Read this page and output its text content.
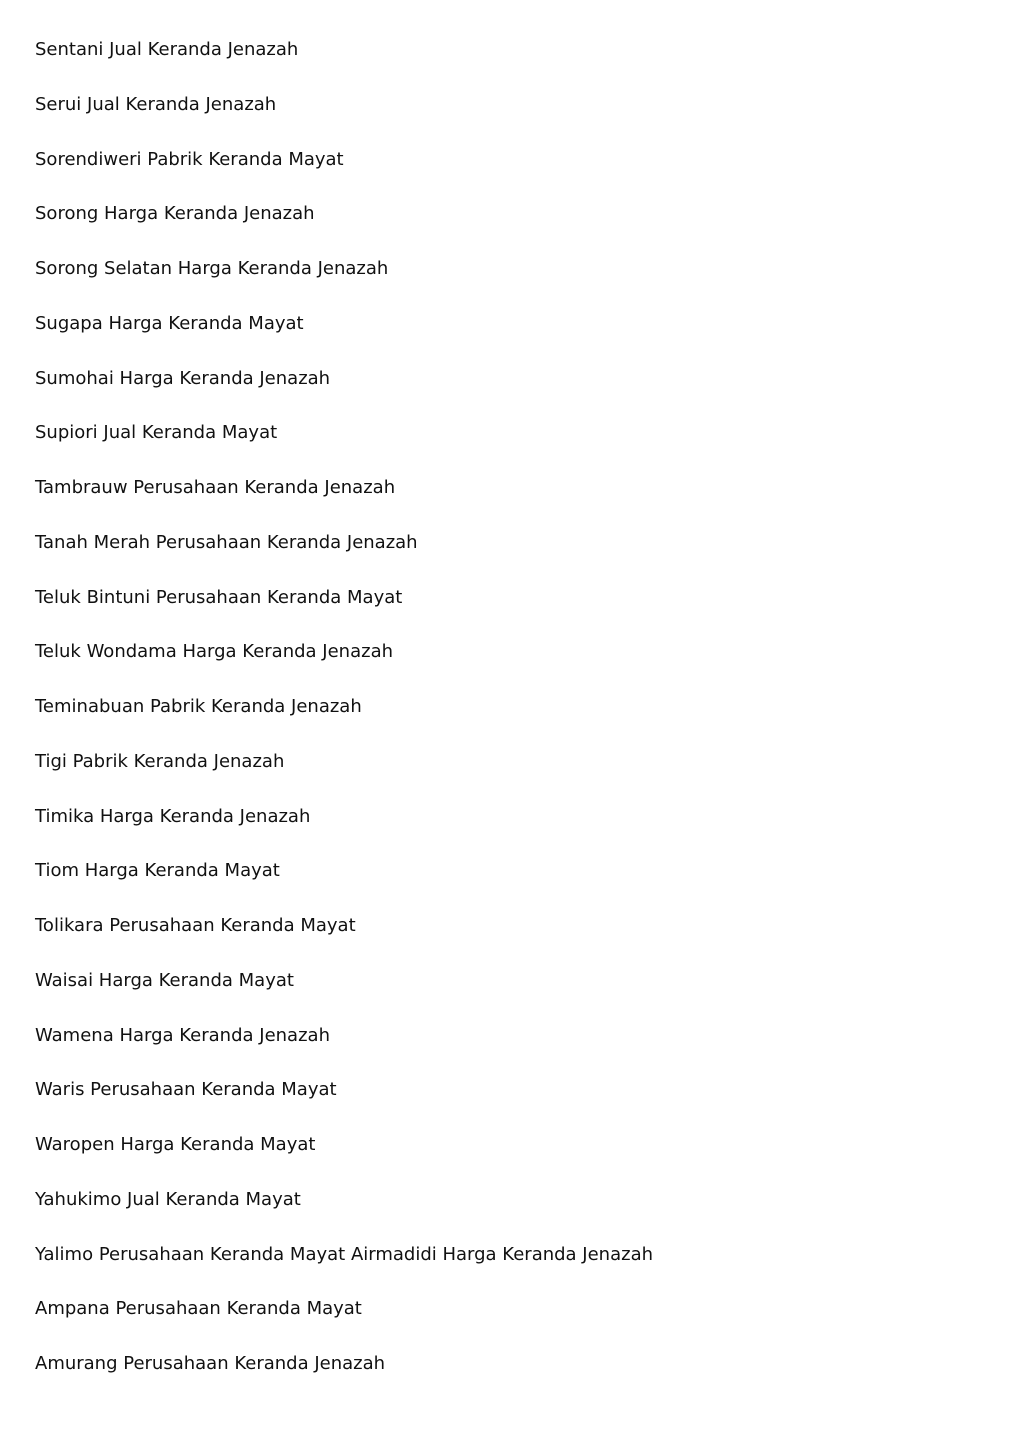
Sentani Jual Keranda Jenazah
Serui Jual Keranda Jenazah
Sorendiweri Pabrik Keranda Mayat
Sorong Harga Keranda Jenazah
Sorong Selatan Harga Keranda Jenazah
Sugapa Harga Keranda Mayat
Sumohai Harga Keranda Jenazah
Supiori Jual Keranda Mayat
Tambrauw Perusahaan Keranda Jenazah
Tanah Merah Perusahaan Keranda Jenazah
Teluk Bintuni Perusahaan Keranda Mayat
Teluk Wondama Harga Keranda Jenazah
Teminabuan Pabrik Keranda Jenazah
Tigi Pabrik Keranda Jenazah
Timika Harga Keranda Jenazah
Tiom Harga Keranda Mayat
Tolikara Perusahaan Keranda Mayat
Waisai Harga Keranda Mayat
Wamena Harga Keranda Jenazah
Waris Perusahaan Keranda Mayat
Waropen Harga Keranda Mayat
Yahukimo Jual Keranda Mayat
Yalimo Perusahaan Keranda Mayat Airmadidi Harga Keranda Jenazah
Ampana Perusahaan Keranda Mayat
Amurang Perusahaan Keranda Jenazah
